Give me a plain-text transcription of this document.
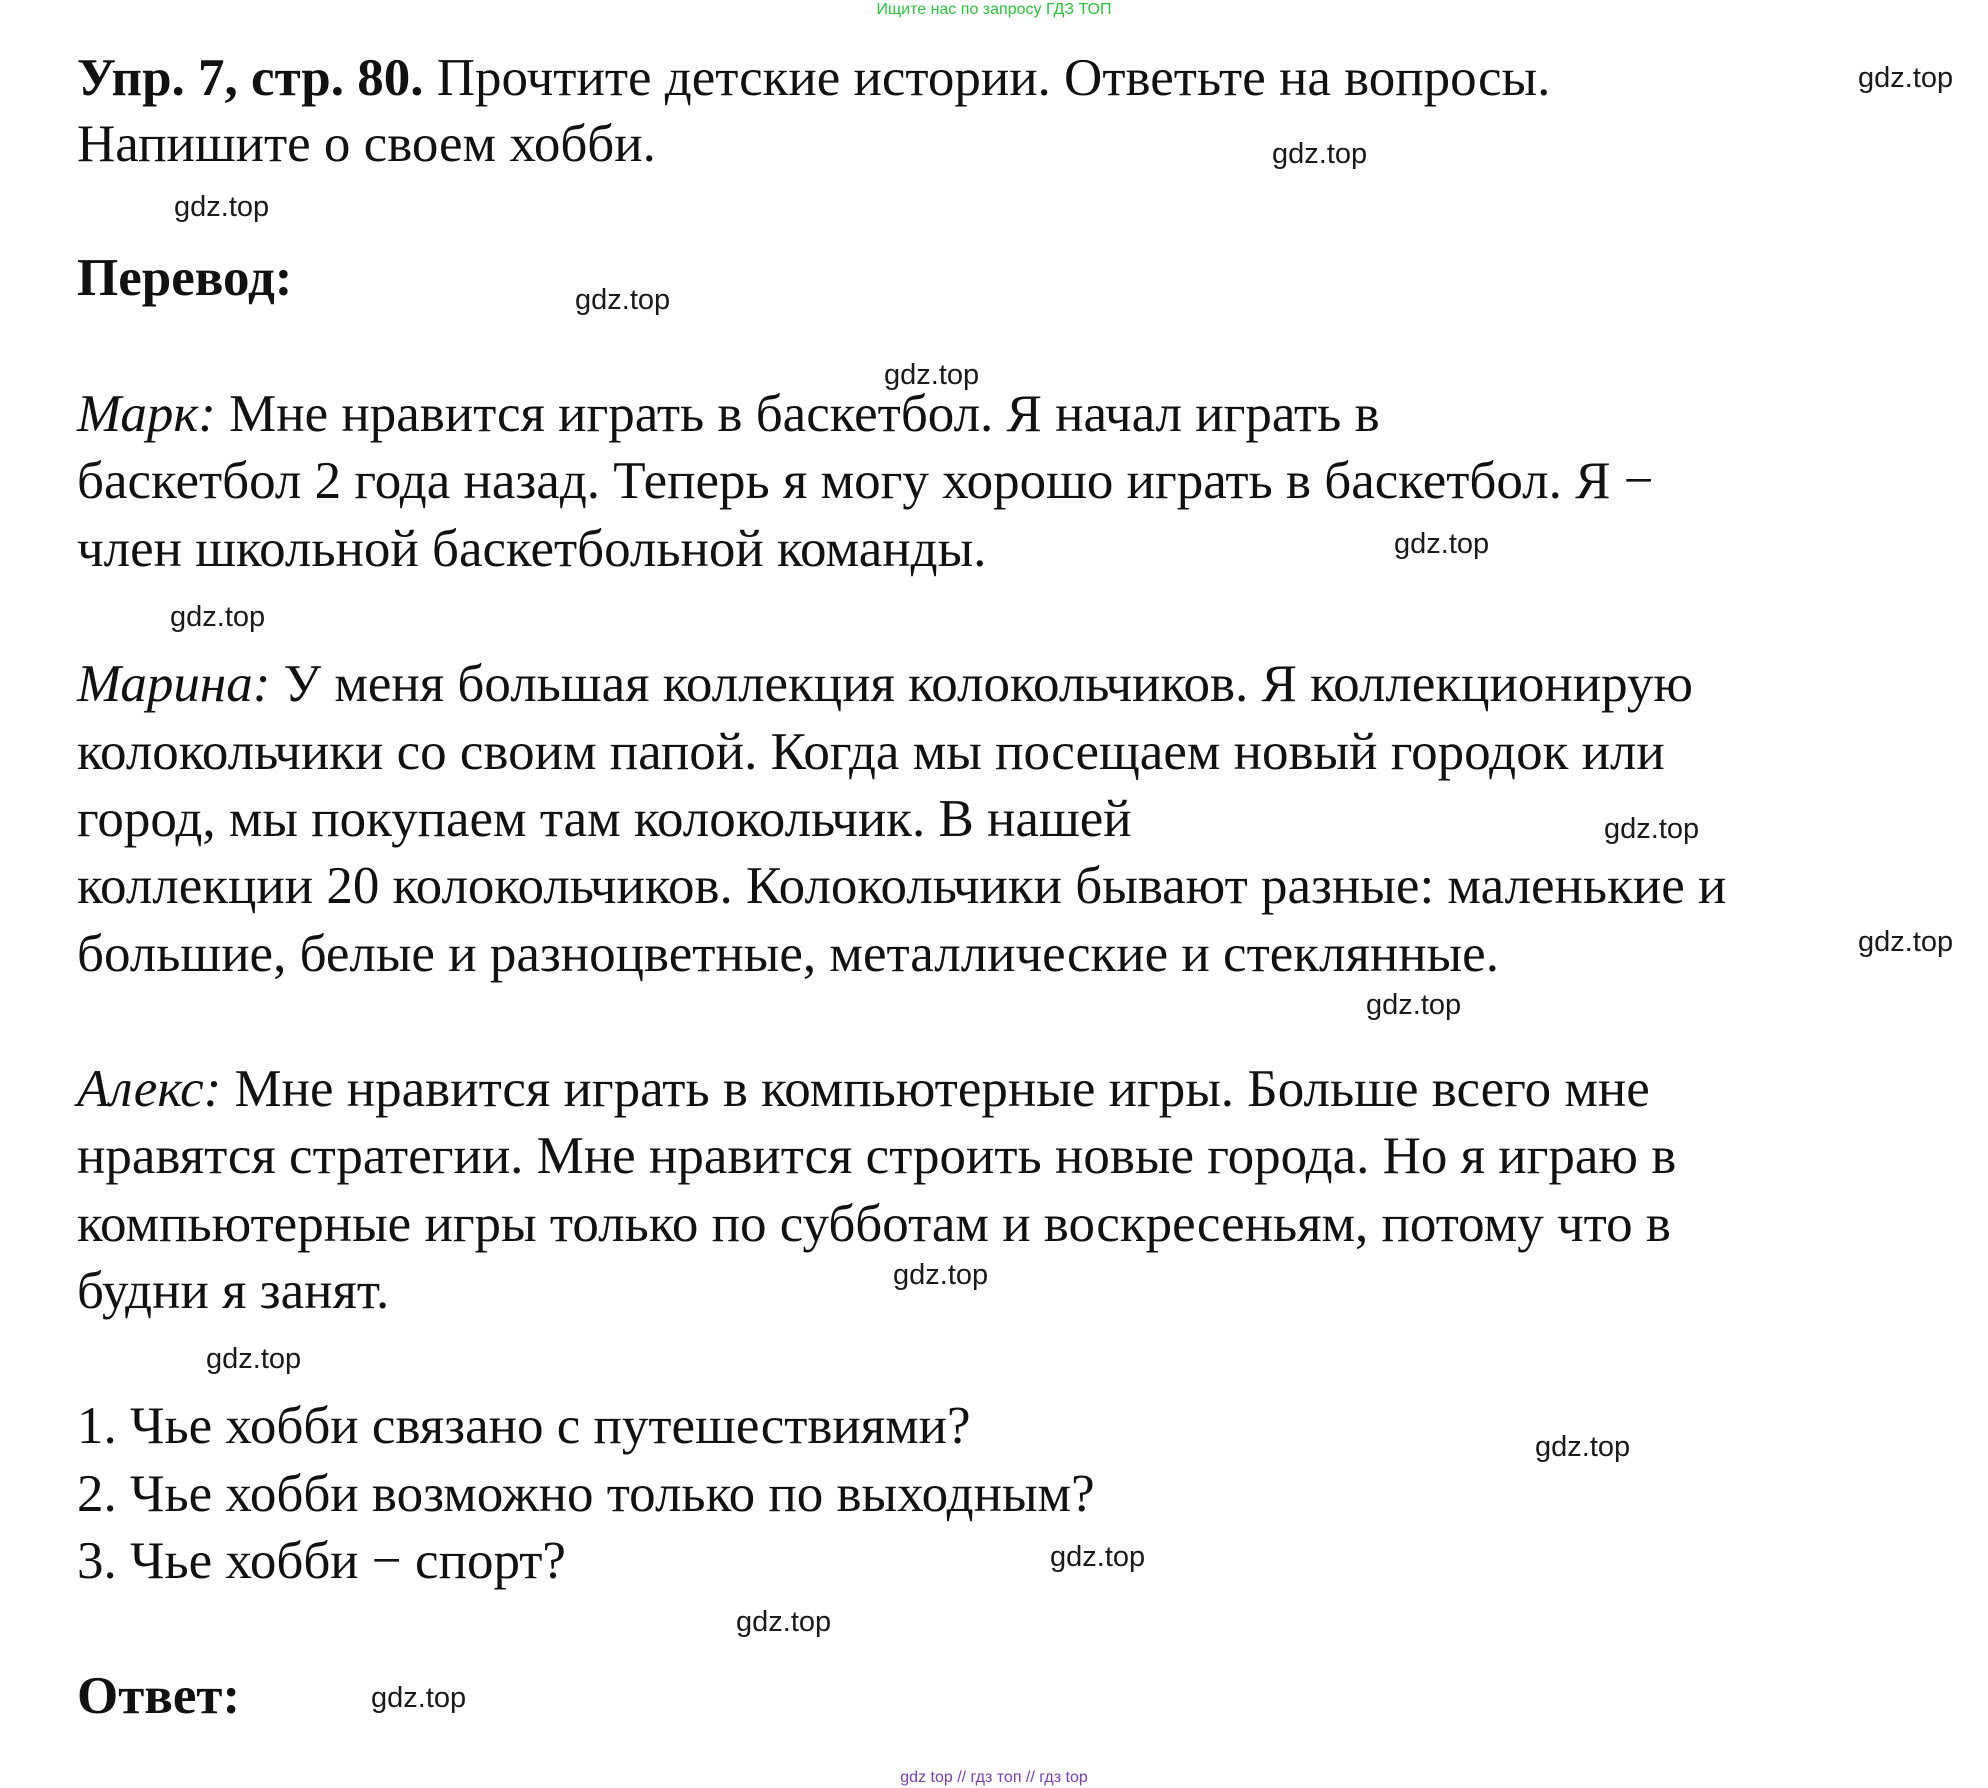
Ищите нас по запросу ГДЗ ТОП
Упр. 7, стр. 80. Прочтите детские истории. Ответьте на вопросы.
Напишите о своем хобби.
Перевод:
Марк: Мне нравится играть в баскетбол. Я начал играть в
баскетбол 2 года назад. Теперь я могу хорошо играть в баскетбол. Я −
член школьной баскетбольной команды.
Марина: У меня большая коллекция колокольчиков. Я коллекционирую
колокольчики со своим папой. Когда мы посещаем новый городок или
город, мы покупаем там колокольчик. В нашей
коллекции 20 колокольчиков. Колокольчики бывают разные: маленькие и
большие, белые и разноцветные, металлические и стеклянные.
Алекс: Мне нравится играть в компьютерные игры. Больше всего мне
нравятся стратегии. Мне нравится строить новые города. Но я играю в
компьютерные игры только по субботам и воскресеньям, потому что в
будни я занят.
1. Чье хобби связано с путешествиями?
2. Чье хобби возможно только по выходным?
3. Чье хобби − спорт?
Ответ:
gdz.top
gdz.top
gdz.top
gdz.top
gdz.top
gdz.top
gdz.top
gdz.top
gdz.top
gdz.top
gdz.top
gdz.top
gdz.top
gdz.top
gdz.top
gdz.top
gdz top // гдз топ // гдз top
